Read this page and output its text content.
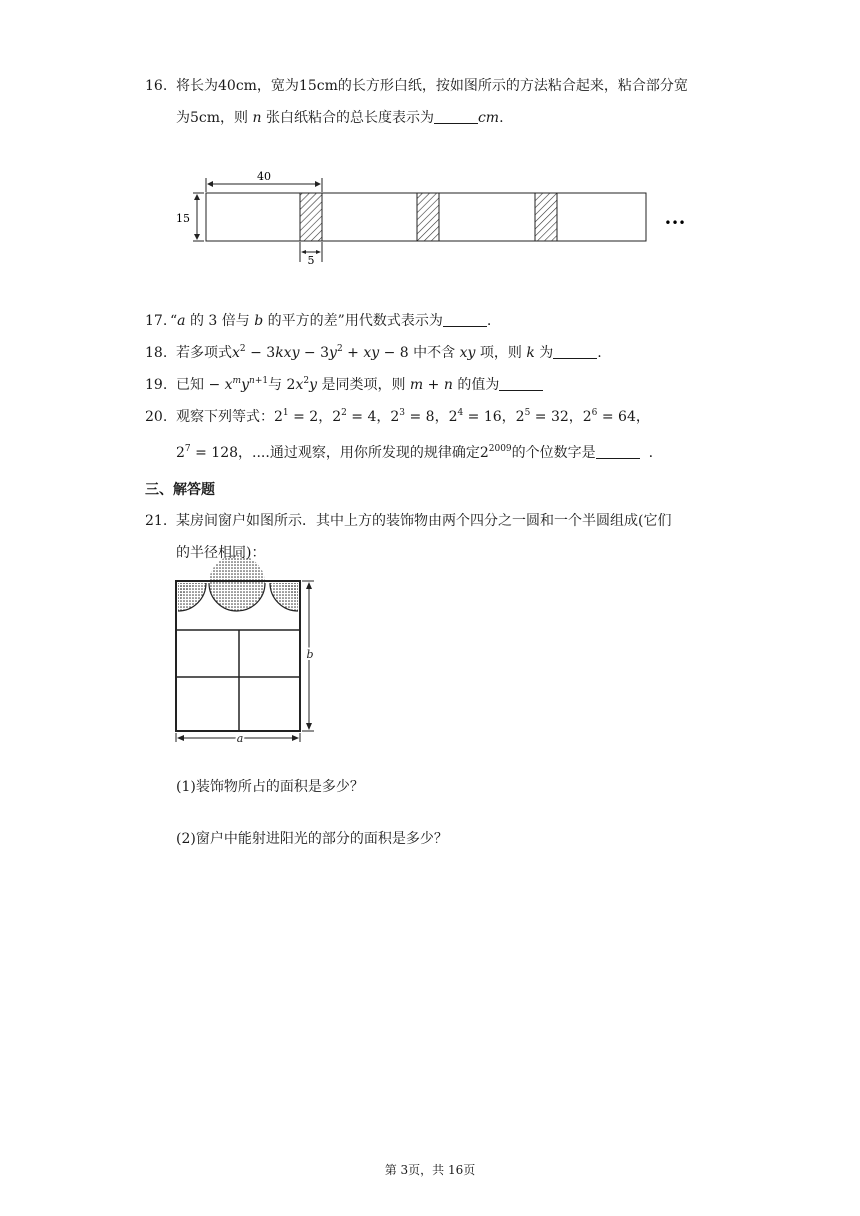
16. 将长为40cm，宽为15cm的长方形白纸，按如图所示的方法粘合起来，粘合部分宽
为5cm，则 n 张白纸粘合的总长度表示为	cm.
40
15
5
•••
17. “a 的 3 倍与 b 的平方的差”用代数式表示为	.
18. 若多项式$x^2 - 3kxy - 3y^2$ + xy − 8 中不含 xy 项，则 k 为	.
19. 已知 − $x^my^{n+1}$与 $2x^2y$ 是同类项，则 m + n 的值为
20. 观察下列等式：$2^1 = 2$，$2^2 = 4$，$2^3 = 8$，$2^4 = 16$，$2^5 = 32$，$2^6 = 64$，
$2^7 = 128$，....通过观察，用你所发现的规律确定$2^{2009}$的个位数字是	.
三、解答题
21. 某房间窗户如图所示．其中上方的装饰物由两个四分之一圆和一个半圆组成(它们
的半径相同)：
b
a
(1)装饰物所占的面积是多少？
(2)窗户中能射进阳光的部分的面积是多少？
第 3页，共 16页
